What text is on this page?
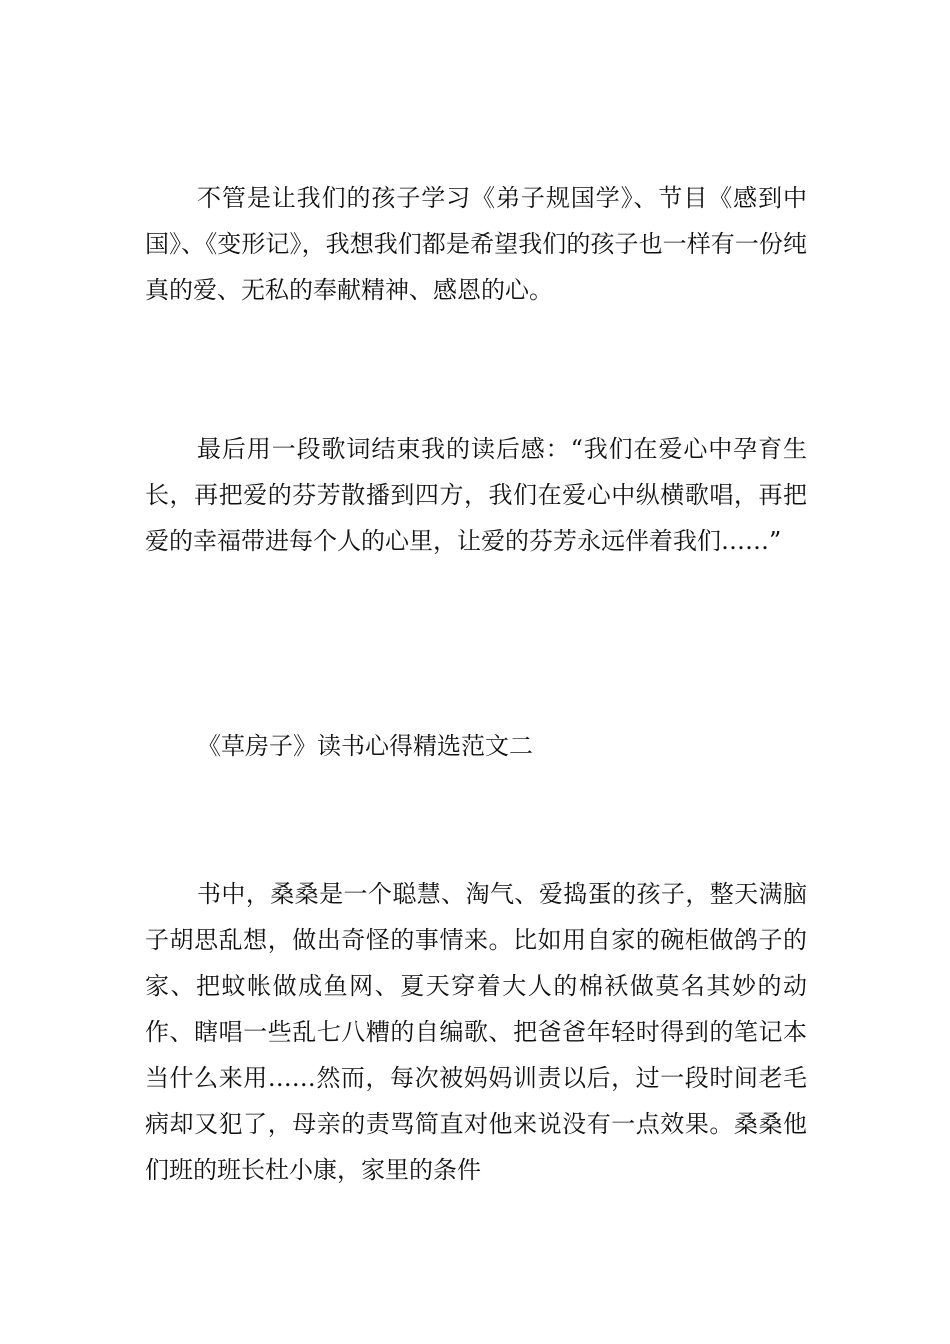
不管是让我们的孩子学习《弟子规国学》、节目《感到中国》、《变形记》，我想我们都是希望我们的孩子也一样有一份纯真的爱、无私的奉献精神、感恩的心。

最后用一段歌词结束我的读后感：“我们在爱心中孕育生长，再把爱的芬芳散播到四方，我们在爱心中纵横歌唱，再把爱的幸福带进每个人的心里，让爱的芬芳永远伴着我们……”

《草房子》读书心得精选范文二

书中，桑桑是一个聪慧、淘气、爱捣蛋的孩子，整天满脑子胡思乱想，做出奇怪的事情来。比如用自家的碗柜做鸽子的家、把蚊帐做成鱼网、夏天穿着大人的棉袄做莫名其妙的动作、瞎唱一些乱七八糟的自编歌、把爸爸年轻时得到的笔记本当什么来用……然而，每次被妈妈训责以后，过一段时间老毛病却又犯了，母亲的责骂简直对他来说没有一点效果。桑桑他们班的班长杜小康，家里的条件
